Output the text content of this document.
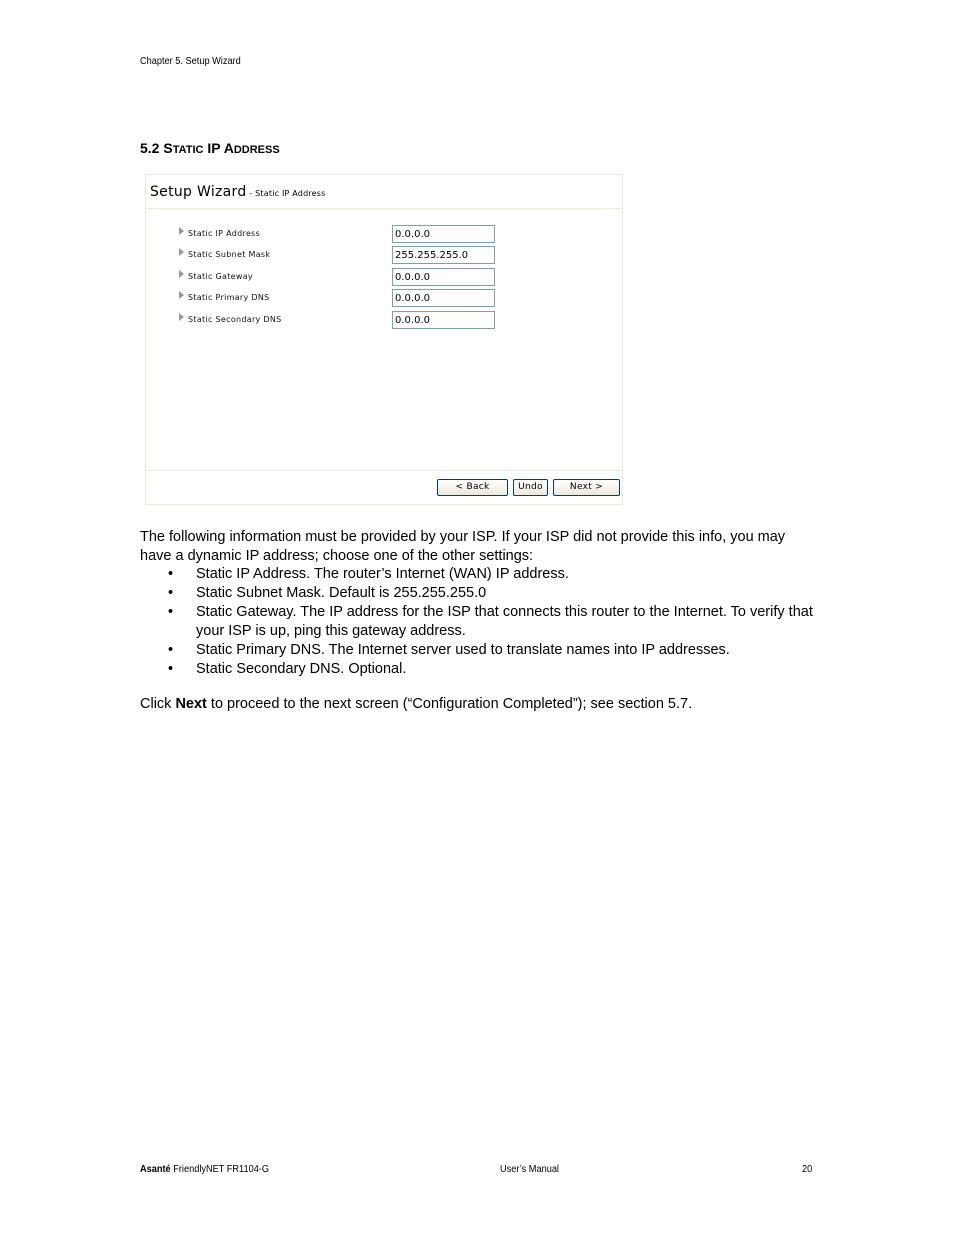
Chapter 5. Setup Wizard
5.2 STATIC IP ADDRESS
Setup Wizard - Static IP Address
Static IP Address	0.0.0.0
Static Subnet Mask	255.255.255.0
Static Gateway	0.0.0.0
Static Primary DNS	0.0.0.0
Static Secondary DNS	0.0.0.0
< Back	Undo	Next >
The following information must be provided by your ISP. If your ISP did not provide this info, you may have a dynamic IP address; choose one of the other settings:
• Static IP Address. The router’s Internet (WAN) IP address.
• Static Subnet Mask. Default is 255.255.255.0
• Static Gateway. The IP address for the ISP that connects this router to the Internet. To verify that your ISP is up, ping this gateway address.
• Static Primary DNS. The Internet server used to translate names into IP addresses.
• Static Secondary DNS. Optional.
Click Next to proceed to the next screen (“Configuration Completed”); see section 5.7.
Asanté FriendlyNET FR1104-G	User’s Manual	20
